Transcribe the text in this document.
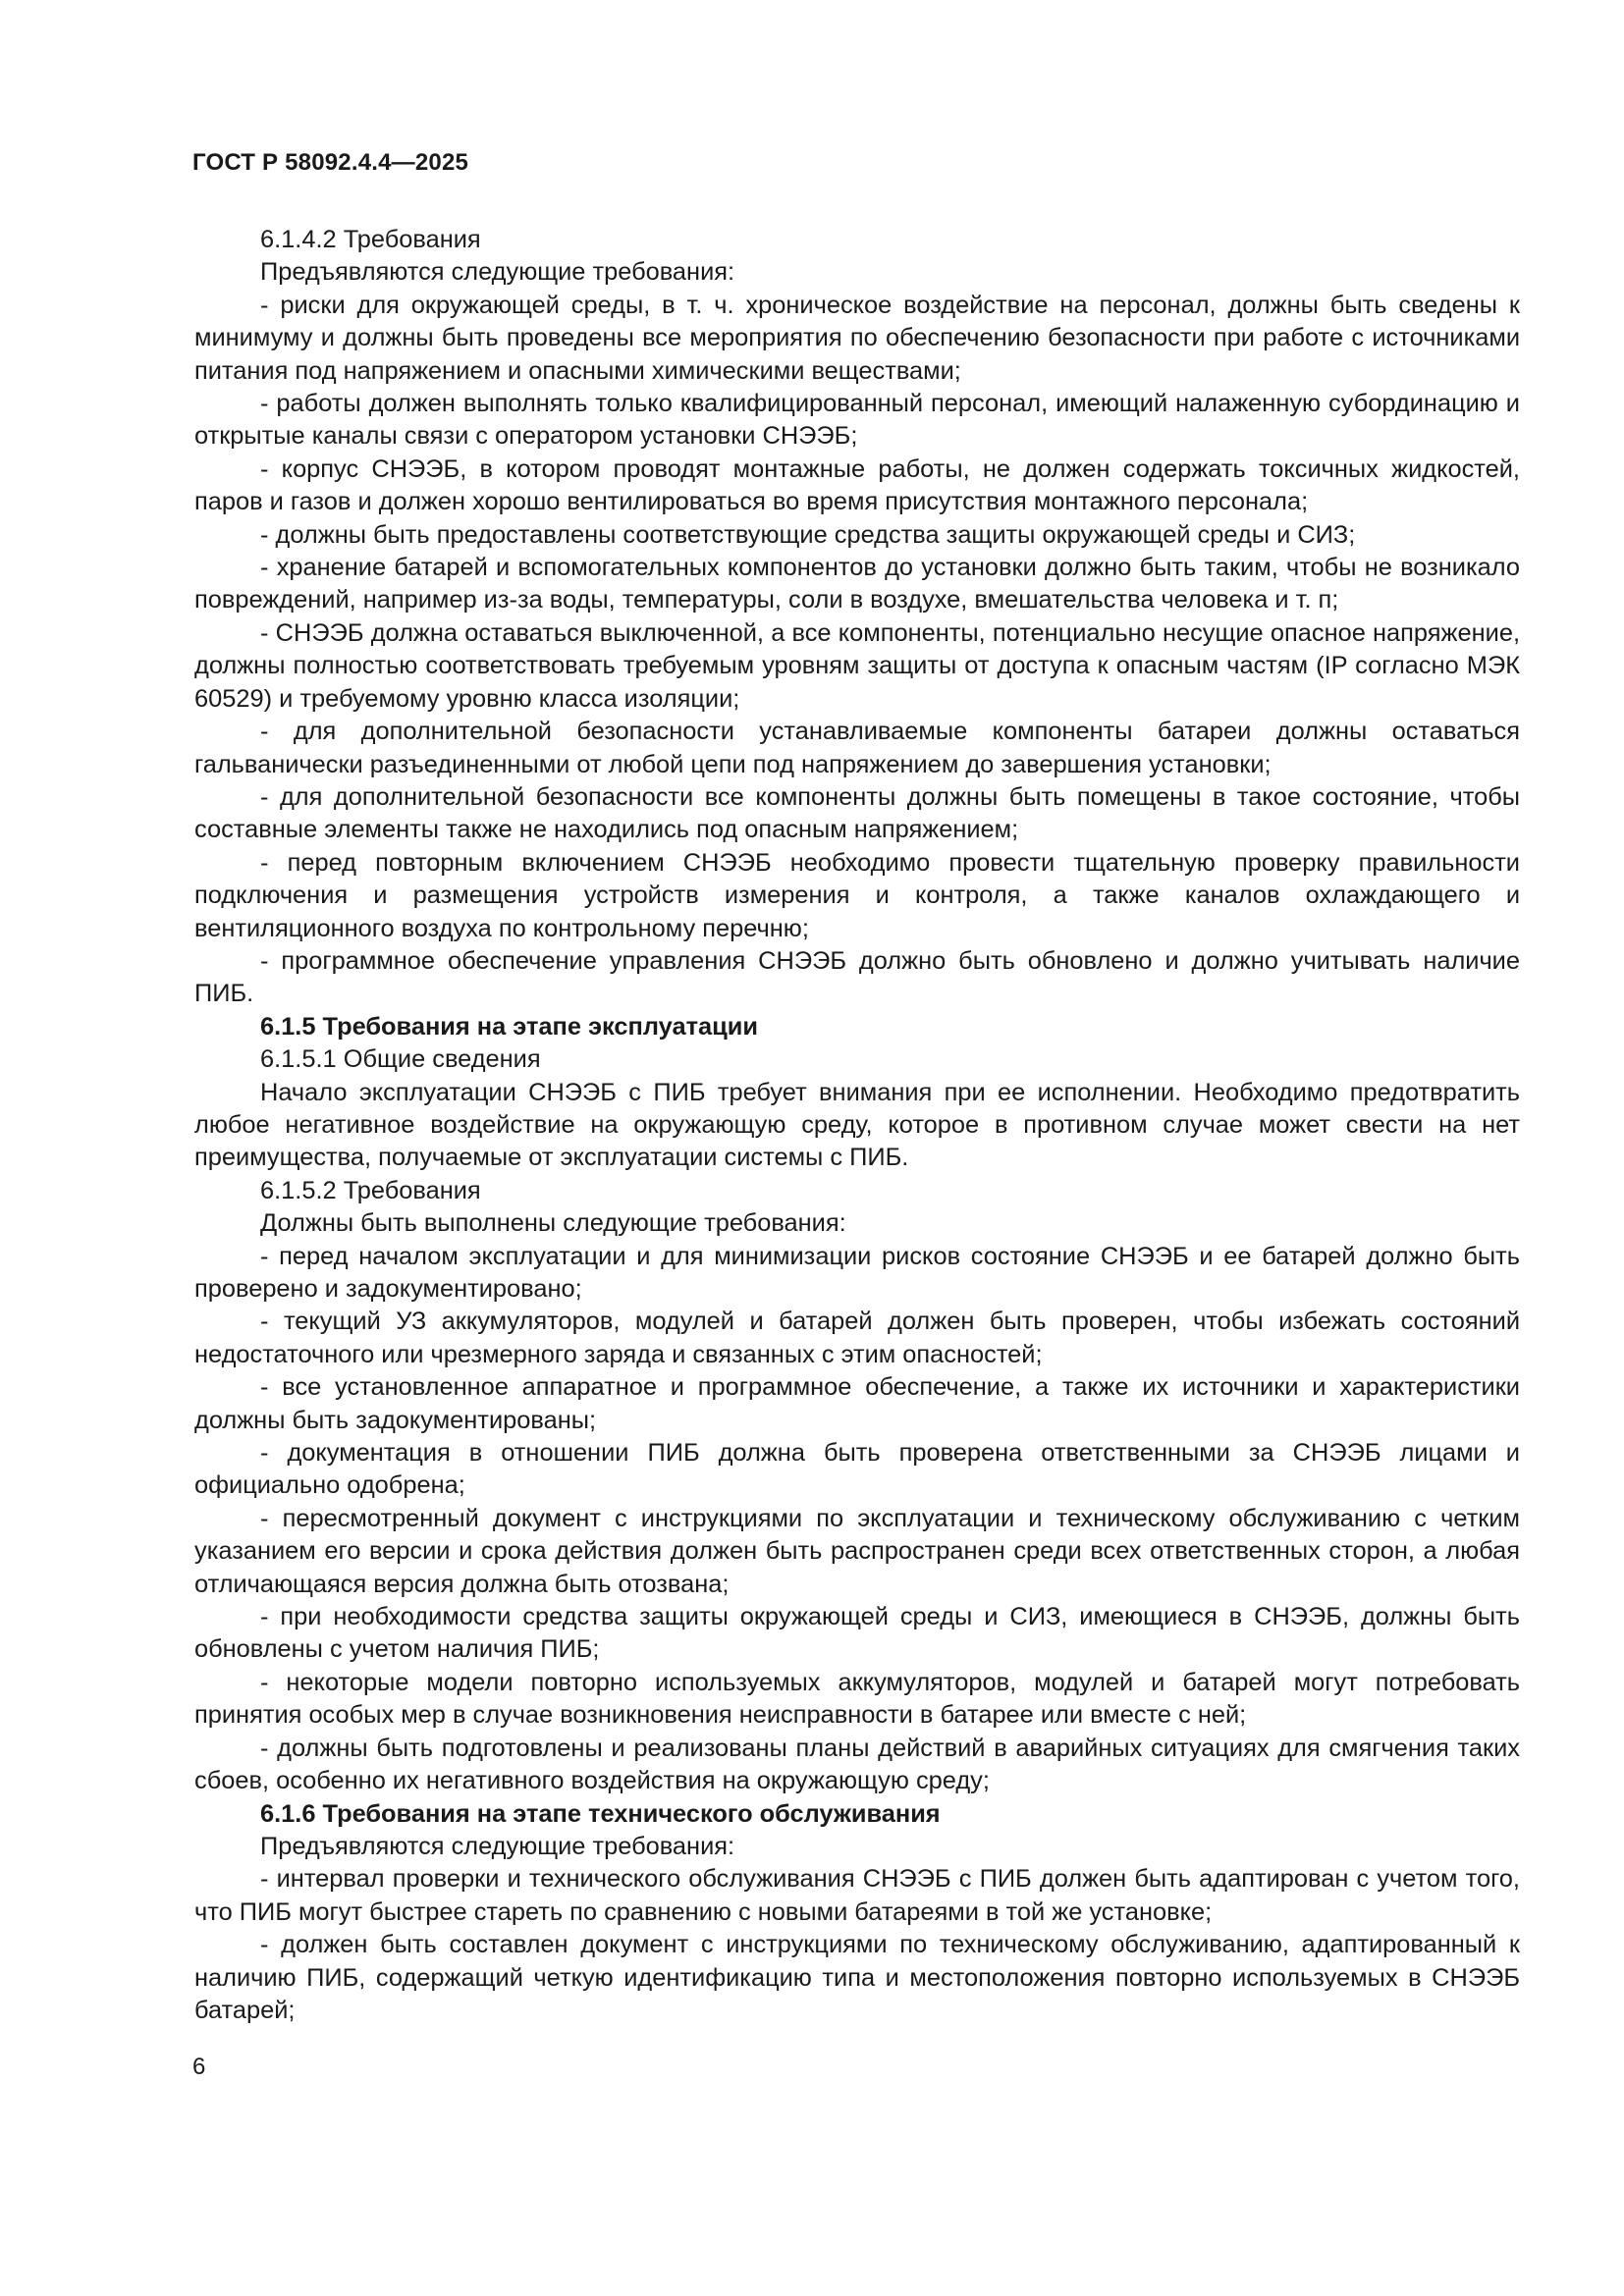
ГОСТ Р 58092.4.4—2025

6.1.4.2 Требования

Предъявляются следующие требования:

- риски для окружающей среды, в т. ч. хроническое воздействие на персонал, должны быть сведены к минимуму и должны быть проведены все мероприятия по обеспечению безопасности при работе с источниками питания под напряжением и опасными химическими веществами;

- работы должен выполнять только квалифицированный персонал, имеющий налаженную субординацию и открытые каналы связи с оператором установки СНЭЭБ;

- корпус СНЭЭБ, в котором проводят монтажные работы, не должен содержать токсичных жидкостей, паров и газов и должен хорошо вентилироваться во время присутствия монтажного персонала;

- должны быть предоставлены соответствующие средства защиты окружающей среды и СИЗ;

- хранение батарей и вспомогательных компонентов до установки должно быть таким, чтобы не возникало повреждений, например из-за воды, температуры, соли в воздухе, вмешательства человека и т. п;

- СНЭЭБ должна оставаться выключенной, а все компоненты, потенциально несущие опасное напряжение, должны полностью соответствовать требуемым уровням защиты от доступа к опасным частям (IP согласно МЭК 60529) и требуемому уровню класса изоляции;

- для дополнительной безопасности устанавливаемые компоненты батареи должны оставаться гальванически разъединенными от любой цепи под напряжением до завершения установки;

- для дополнительной безопасности все компоненты должны быть помещены в такое состояние, чтобы составные элементы также не находились под опасным напряжением;

- перед повторным включением СНЭЭБ необходимо провести тщательную проверку правильности подключения и размещения устройств измерения и контроля, а также каналов охлаждающего и вентиляционного воздуха по контрольному перечню;

- программное обеспечение управления СНЭЭБ должно быть обновлено и должно учитывать наличие ПИБ.

6.1.5 Требования на этапе эксплуатации

6.1.5.1 Общие сведения

Начало эксплуатации СНЭЭБ с ПИБ требует внимания при ее исполнении. Необходимо предотвратить любое негативное воздействие на окружающую среду, которое в противном случае может свести на нет преимущества, получаемые от эксплуатации системы с ПИБ.

6.1.5.2 Требования

Должны быть выполнены следующие требования:

- перед началом эксплуатации и для минимизации рисков состояние СНЭЭБ и ее батарей должно быть проверено и задокументировано;

- текущий УЗ аккумуляторов, модулей и батарей должен быть проверен, чтобы избежать состояний недостаточного или чрезмерного заряда и связанных с этим опасностей;

- все установленное аппаратное и программное обеспечение, а также их источники и характеристики должны быть задокументированы;

- документация в отношении ПИБ должна быть проверена ответственными за СНЭЭБ лицами и официально одобрена;

- пересмотренный документ с инструкциями по эксплуатации и техническому обслуживанию с четким указанием его версии и срока действия должен быть распространен среди всех ответственных сторон, а любая отличающаяся версия должна быть отозвана;

- при необходимости средства защиты окружающей среды и СИЗ, имеющиеся в СНЭЭБ, должны быть обновлены с учетом наличия ПИБ;

- некоторые модели повторно используемых аккумуляторов, модулей и батарей могут потребовать принятия особых мер в случае возникновения неисправности в батарее или вместе с ней;

- должны быть подготовлены и реализованы планы действий в аварийных ситуациях для смягчения таких сбоев, особенно их негативного воздействия на окружающую среду;

6.1.6 Требования на этапе технического обслуживания

Предъявляются следующие требования:

- интервал проверки и технического обслуживания СНЭЭБ с ПИБ должен быть адаптирован с учетом того, что ПИБ могут быстрее стареть по сравнению с новыми батареями в той же установке;

- должен быть составлен документ с инструкциями по техническому обслуживанию, адаптированный к наличию ПИБ, содержащий четкую идентификацию типа и местоположения повторно используемых в СНЭЭБ батарей;

6
